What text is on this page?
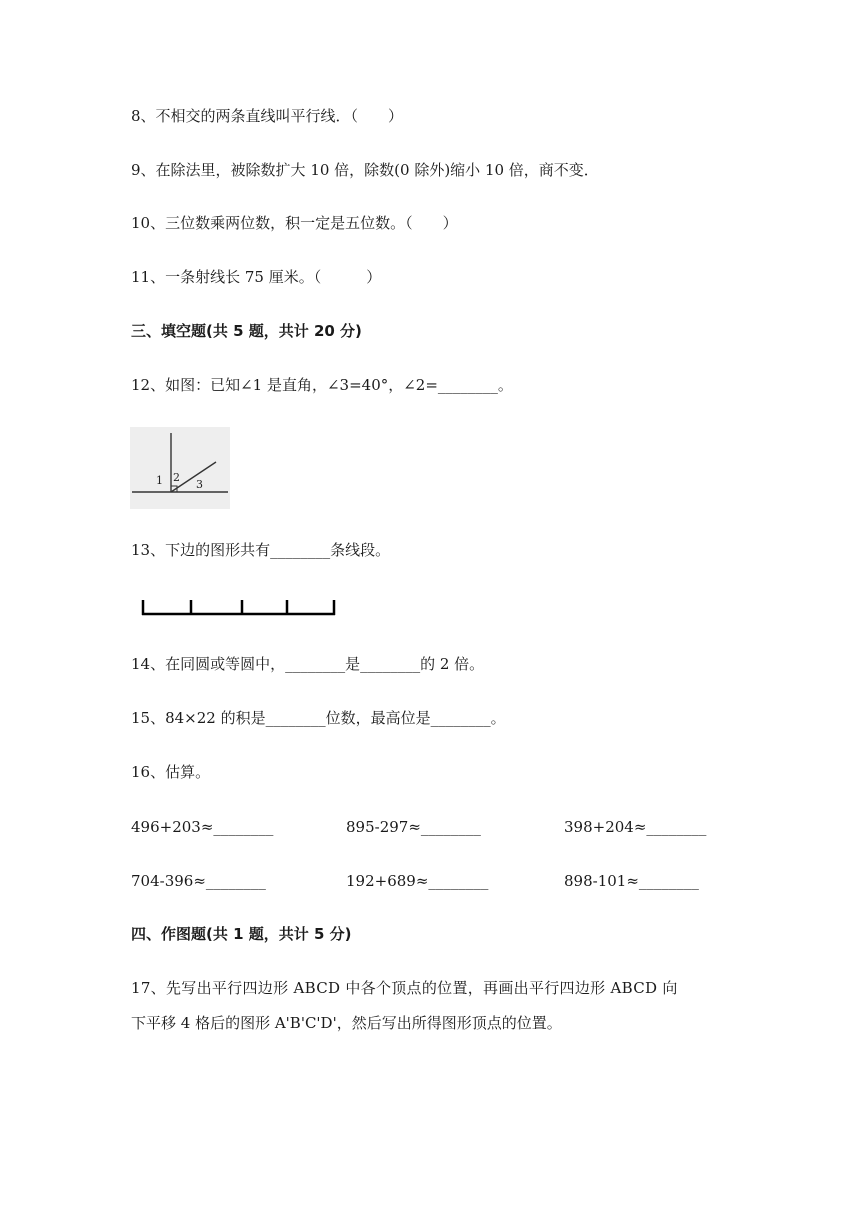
8、不相交的两条直线叫平行线．（　　）
9、在除法里，被除数扩大 10 倍，除数(0 除外)缩小 10 倍，商不变．
10、三位数乘两位数，积一定是五位数。（　　）
11、一条射线长 75 厘米。（　　　）
三、填空题(共 5 题，共计 20 分)
12、如图：已知∠1 是直角，∠3=40°，∠2=________。
1 2
3
13、下边的图形共有________条线段。
14、在同圆或等圆中，________是________的 2 倍。
15、84×22 的积是________位数，最高位是________。
16、估算。
496+203≈________	895-297≈________	398+204≈________
704-396≈________	192+689≈________	898-101≈________
四、作图题(共 1 题，共计 5 分)
17、先写出平行四边形 ABCD 中各个顶点的位置，再画出平行四边形 ABCD 向
下平移 4 格后的图形 A'B'C'D'，然后写出所得图形顶点的位置。
